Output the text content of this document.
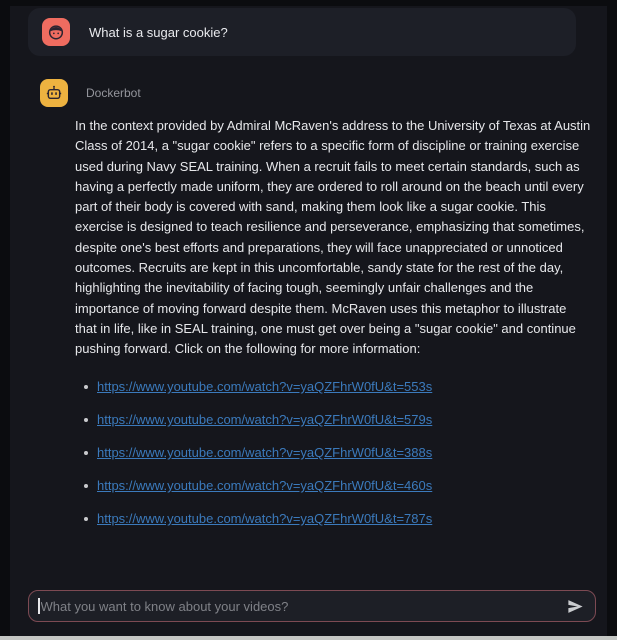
What is a sugar cookie?
Dockerbot

In the context provided by Admiral McRaven's address to the University of Texas at Austin Class of 2014, a "sugar cookie" refers to a specific form of discipline or training exercise used during Navy SEAL training. When a recruit fails to meet certain standards, such as having a perfectly made uniform, they are ordered to roll around on the beach until every part of their body is covered with sand, making them look like a sugar cookie. This exercise is designed to teach resilience and perseverance, emphasizing that sometimes, despite one's best efforts and preparations, they will face unappreciated or unnoticed outcomes. Recruits are kept in this uncomfortable, sandy state for the rest of the day, highlighting the inevitability of facing tough, seemingly unfair challenges and the importance of moving forward despite them. McRaven uses this metaphor to illustrate that in life, like in SEAL training, one must get over being a "sugar cookie" and continue pushing forward. Click on the following for more information:

https://www.youtube.com/watch?v=yaQZFhrW0fU&t=553s
https://www.youtube.com/watch?v=yaQZFhrW0fU&t=579s
https://www.youtube.com/watch?v=yaQZFhrW0fU&t=388s
https://www.youtube.com/watch?v=yaQZFhrW0fU&t=460s
https://www.youtube.com/watch?v=yaQZFhrW0fU&t=787s
What you want to know about your videos?
